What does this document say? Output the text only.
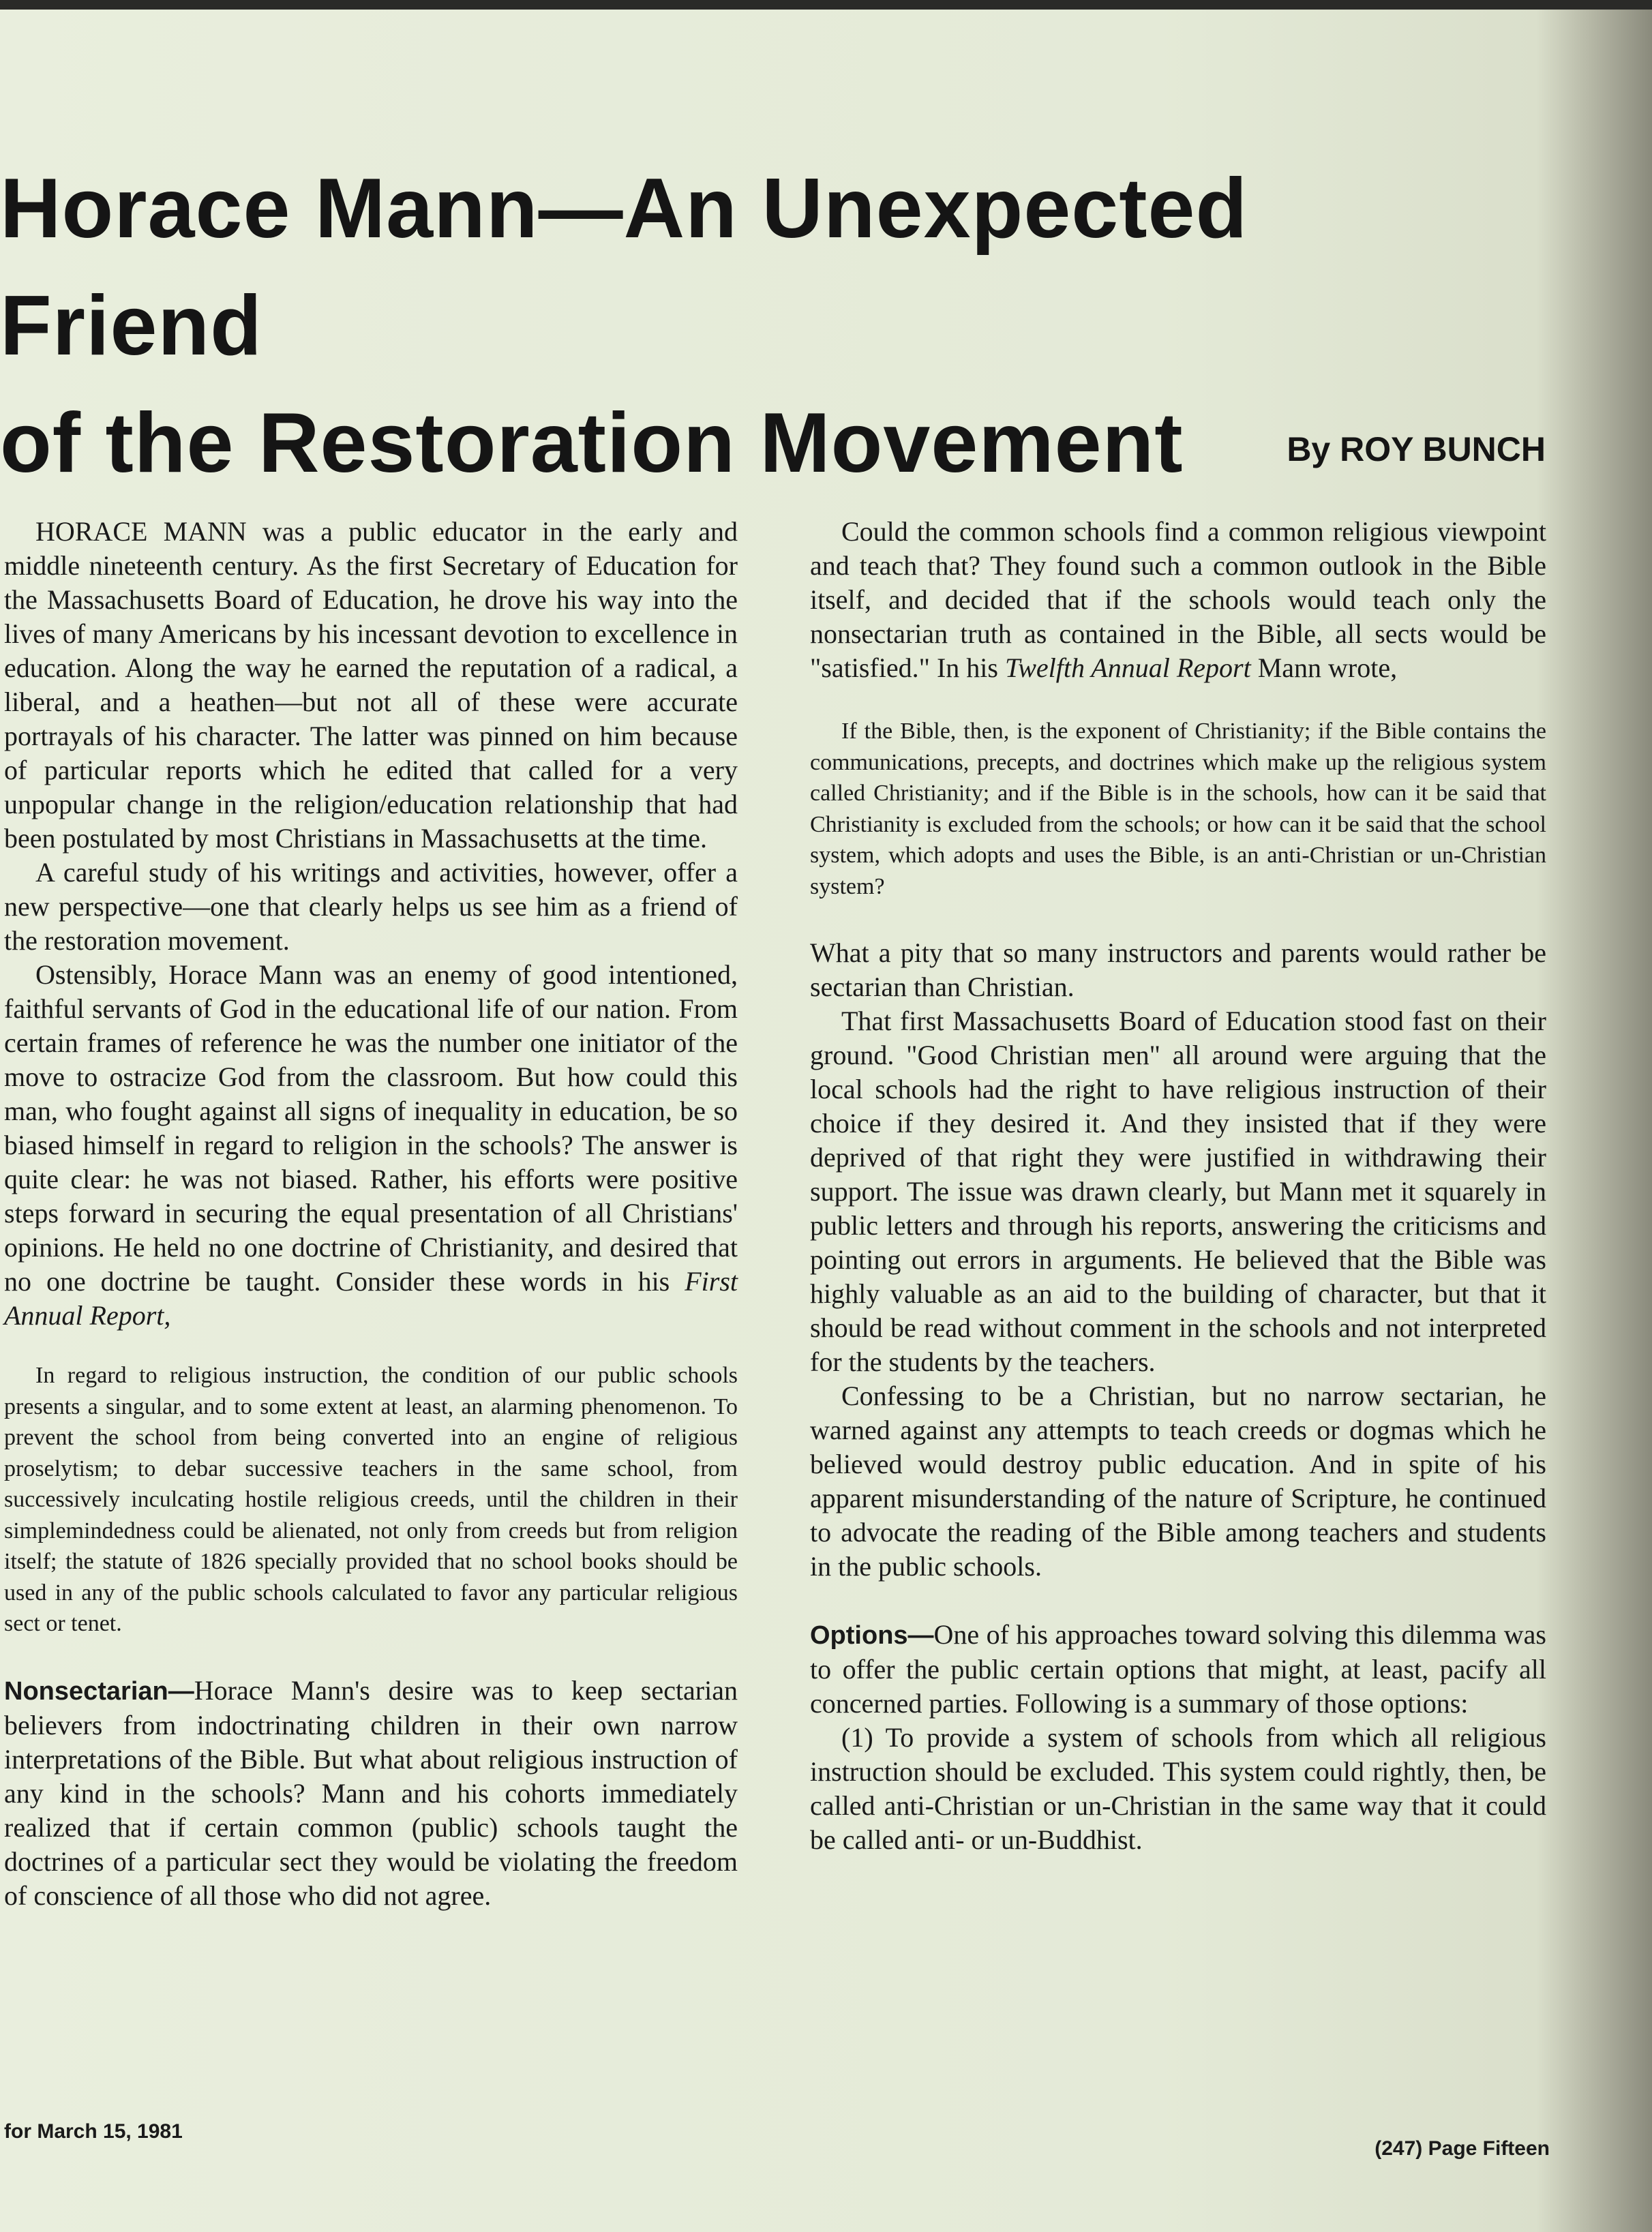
Horace Mann—An Unexpected Friend
of the Restoration Movement	By ROY BUNCH

HORACE MANN was a public educator in the early and middle nineteenth century. As the first Secretary of Education for the Massachusetts Board of Education, he drove his way into the lives of many Americans by his incessant devotion to excellence in education. Along the way he earned the reputation of a radical, a liberal, and a heathen—but not all of these were accurate portrayals of his character. The latter was pinned on him because of particular reports which he edited that called for a very unpopular change in the religion/education relationship that had been postulated by most Christians in Massachusetts at the time.

A careful study of his writings and activities, however, offer a new perspective—one that clearly helps us see him as a friend of the restoration movement.

Ostensibly, Horace Mann was an enemy of good intentioned, faithful servants of God in the educational life of our nation. From certain frames of reference he was the number one initiator of the move to ostracize God from the classroom. But how could this man, who fought against all signs of inequality in education, be so biased himself in regard to religion in the schools? The answer is quite clear: he was not biased. Rather, his efforts were positive steps forward in securing the equal presentation of all Christians' opinions. He held no one doctrine of Christianity, and desired that no one doctrine be taught. Consider these words in his First Annual Report,

In regard to religious instruction, the condition of our public schools presents a singular, and to some extent at least, an alarming phenomenon. To prevent the school from being converted into an engine of religious proselytism; to debar successive teachers in the same school, from successively inculcating hostile religious creeds, until the children in their simplemindedness could be alienated, not only from creeds but from religion itself; the statute of 1826 specially provided that no school books should be used in any of the public schools calculated to favor any particular religious sect or tenet.

Nonsectarian—Horace Mann's desire was to keep sectarian believers from indoctrinating children in their own narrow interpretations of the Bible. But what about religious instruction of any kind in the schools? Mann and his cohorts immediately realized that if certain common (public) schools taught the doctrines of a particular sect they would be violating the freedom of conscience of all those who did not agree.

Could the common schools find a common religious viewpoint and teach that? They found such a common outlook in the Bible itself, and decided that if the schools would teach only the nonsectarian truth as contained in the Bible, all sects would be "satisfied." In his Twelfth Annual Report Mann wrote,

If the Bible, then, is the exponent of Christianity; if the Bible contains the communications, precepts, and doctrines which make up the religious system called Christianity; and if the Bible is in the schools, how can it be said that Christianity is excluded from the schools; or how can it be said that the school system, which adopts and uses the Bible, is an anti-Christian or un-Christian system?

What a pity that so many instructors and parents would rather be sectarian than Christian.

That first Massachusetts Board of Education stood fast on their ground. "Good Christian men" all around were arguing that the local schools had the right to have religious instruction of their choice if they desired it. And they insisted that if they were deprived of that right they were justified in withdrawing their support. The issue was drawn clearly, but Mann met it squarely in public letters and through his reports, answering the criticisms and pointing out errors in arguments. He believed that the Bible was highly valuable as an aid to the building of character, but that it should be read without comment in the schools and not interpreted for the students by the teachers.

Confessing to be a Christian, but no narrow sectarian, he warned against any attempts to teach creeds or dogmas which he believed would destroy public education. And in spite of his apparent misunderstanding of the nature of Scripture, he continued to advocate the reading of the Bible among teachers and students in the public schools.

Options—One of his approaches toward solving this dilemma was to offer the public certain options that might, at least, pacify all concerned parties. Following is a summary of those options:

(1) To provide a system of schools from which all religious instruction should be excluded. This system could rightly, then, be called anti-Christian or un-Christian in the same way that it could be called anti- or un-Buddhist.

for March 15, 1981
(247) Page Fifteen
